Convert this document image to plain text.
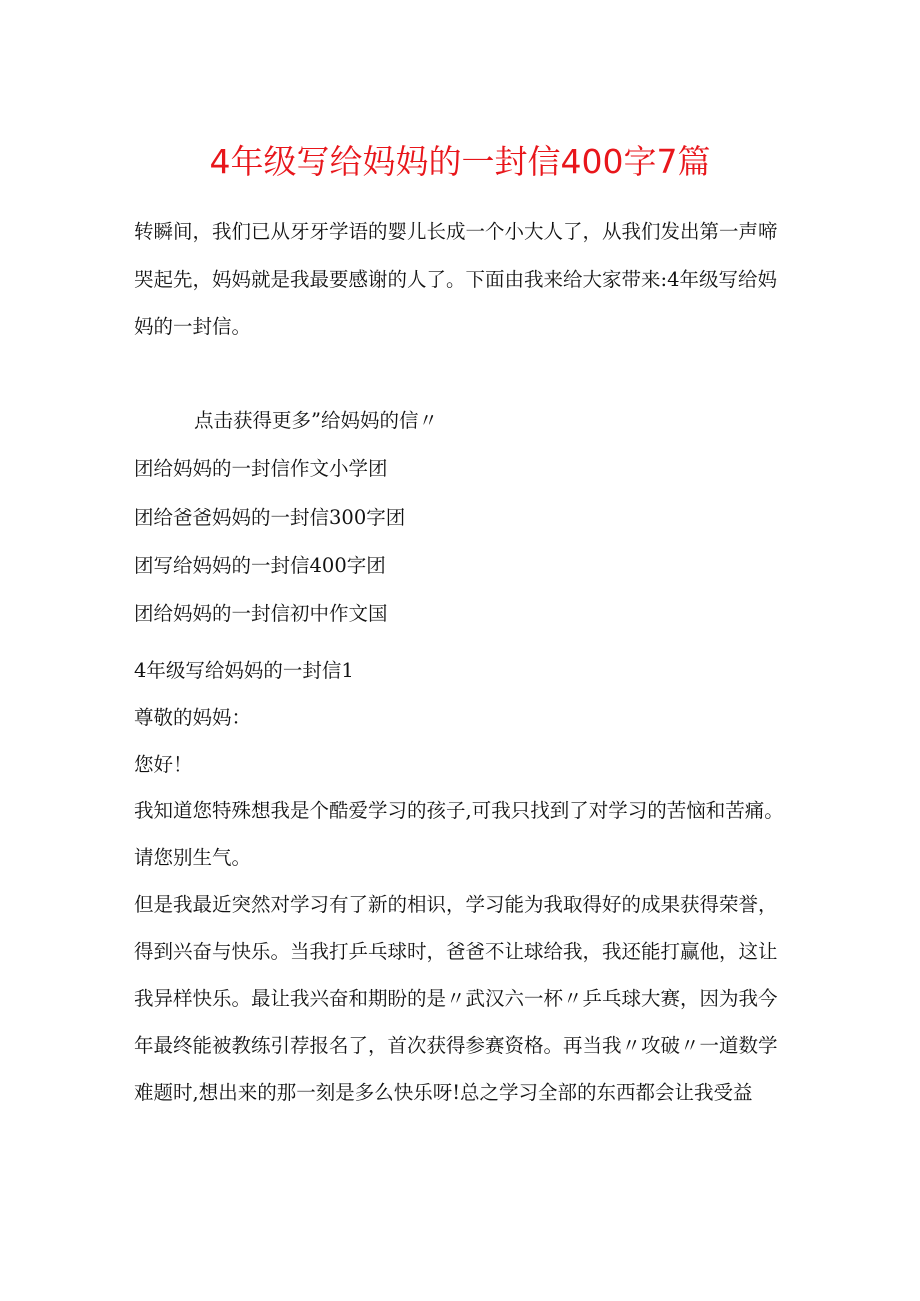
4年级写给妈妈的一封信400字7篇
转瞬间，我们已从牙牙学语的婴儿长成一个小大人了，从我们发出第一声啼
哭起先，妈妈就是我最要感谢的人了。下面由我来给大家带来:4年级写给妈
妈的一封信。
点击获得更多”给妈妈的信〃
团给妈妈的一封信作文小学团
团给爸爸妈妈的一封信300字团
团写给妈妈的一封信400字团
团给妈妈的一封信初中作文国
4年级写给妈妈的一封信1
尊敬的妈妈：
您好！
我知道您特殊想我是个酷爱学习的孩子,可我只找到了对学习的苦恼和苦痛。
请您别生气。
但是我最近突然对学习有了新的相识，学习能为我取得好的成果获得荣誉，
得到兴奋与快乐。当我打乒乓球时，爸爸不让球给我，我还能打赢他，这让
我异样快乐。最让我兴奋和期盼的是〃武汉六一杯〃乒乓球大赛，因为我今
年最终能被教练引荐报名了，首次获得参赛资格。再当我〃攻破〃一道数学
难题时,想出来的那一刻是多么快乐呀!总之学习全部的东西都会让我受益
